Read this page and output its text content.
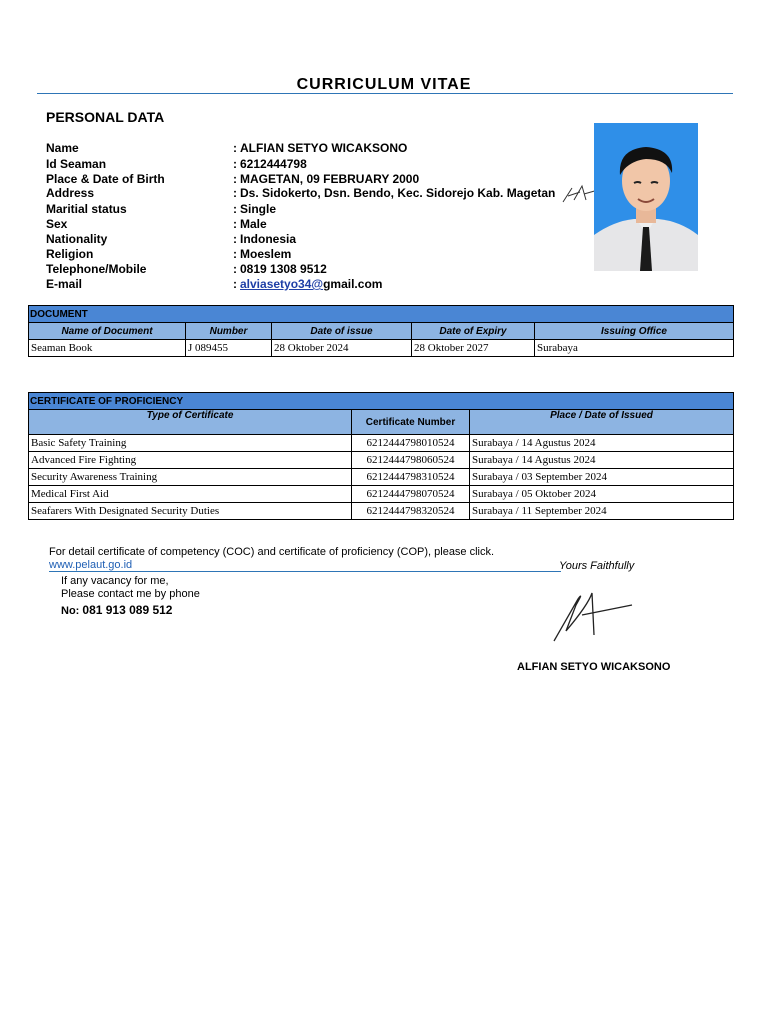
CURRICULUM VITAE
PERSONAL DATA
Name	: ALFIAN SETYO WICAKSONO
Id Seaman	: 6212444798
Place & Date of Birth	: MAGETAN, 09 FEBRUARY 2000
Address	: Ds. Sidokerto, Dsn. Bendo, Kec. Sidorejo Kab. Magetan
Maritial status	: Single
Sex	: Male
Nationality	: Indonesia
Religion	: Moeslem
Telephone/Mobile	: 0819 1308 9512
E-mail	: alviasetyo34@gmail.com
DOCUMENT				
Name of Document	Number	Date of issue	Date of Expiry	Issuing Office
Seaman Book	J 089455	28 Oktober 2024	28 Oktober 2027	Surabaya
CERTIFICATE OF PROFICIENCY		
Type of Certificate	Certificate Number	Place / Date of Issued
Basic Safety Training	6212444798010524	Surabaya / 14 Agustus 2024
Advanced Fire Fighting	6212444798060524	Surabaya / 14 Agustus 2024
Security Awareness Training	6212444798310524	Surabaya / 03 September 2024
Medical First Aid	6212444798070524	Surabaya / 05 Oktober 2024
Seafarers With Designated Security Duties	6212444798320524	Surabaya / 11 September 2024
For detail certificate of competency (COC) and certificate of proficiency (COP), please click.
www.pelaut.go.id	Yours Faithfully
If any vacancy for me,
Please contact me by phone
No: 081 913 089 512
ALFIAN SETYO WICAKSONO
